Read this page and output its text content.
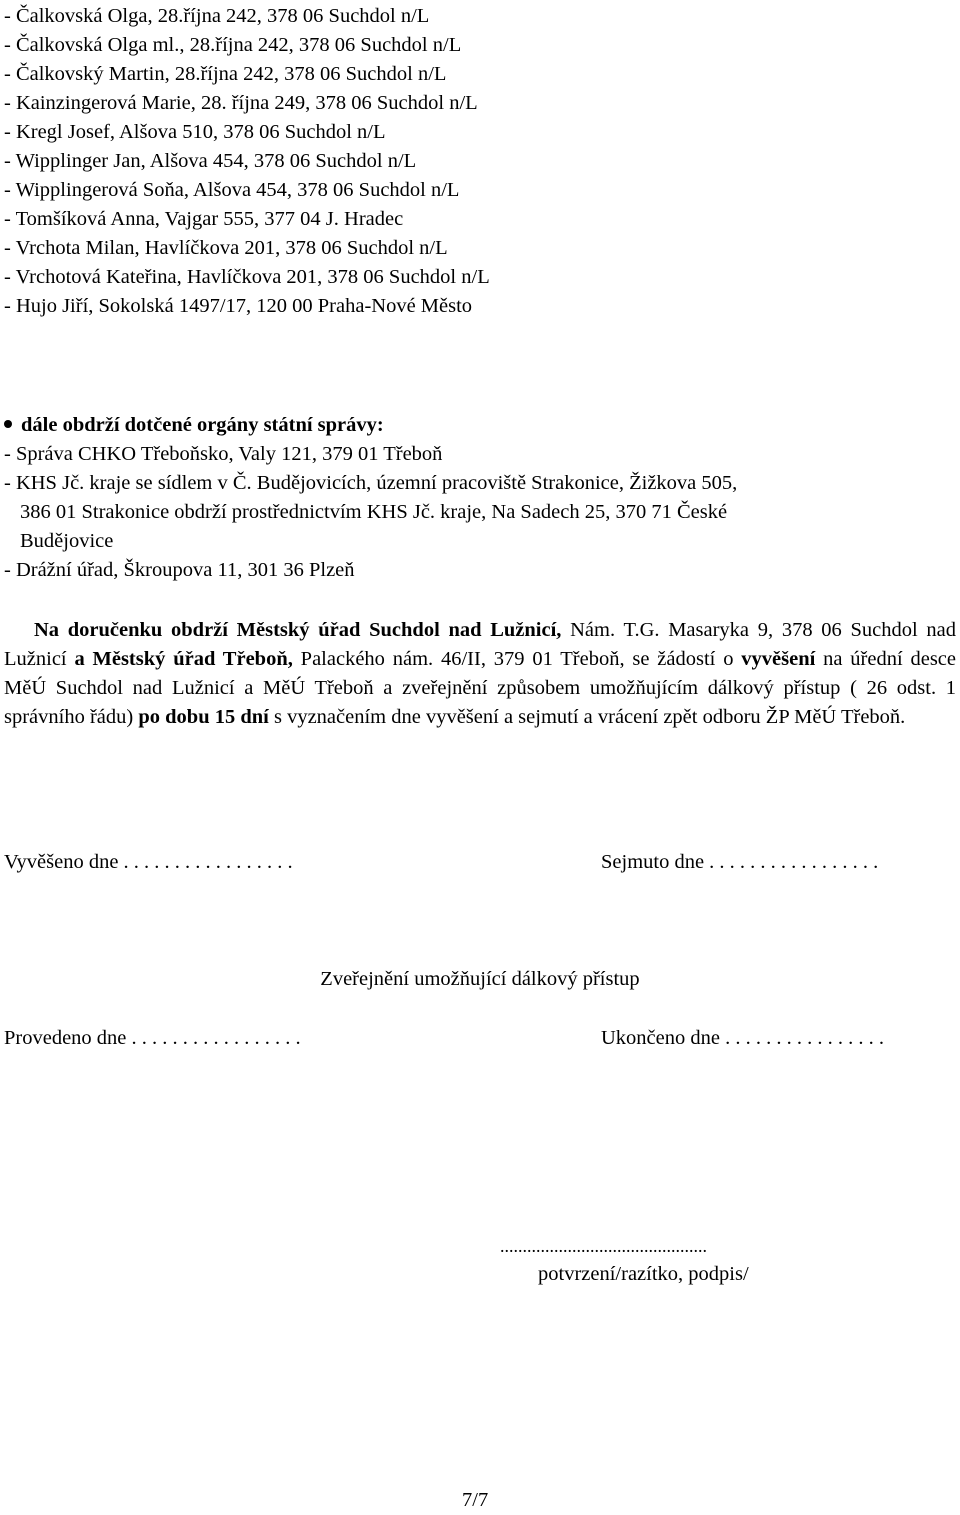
- Čalkovská Olga, 28.října 242, 378 06 Suchdol n/L
- Čalkovská Olga ml., 28.října 242, 378 06 Suchdol n/L
- Čalkovský Martin, 28.října 242, 378 06 Suchdol n/L
- Kainzingerová Marie, 28. října 249, 378 06 Suchdol n/L
- Kregl Josef, Alšova 510, 378 06 Suchdol n/L
- Wipplinger Jan, Alšova 454, 378 06 Suchdol n/L
- Wipplingerová Soňa, Alšova 454, 378 06 Suchdol n/L
- Tomšíková Anna, Vajgar 555, 377 04 J. Hradec
- Vrchota Milan, Havlíčkova 201, 378 06 Suchdol n/L
- Vrchotová Kateřina, Havlíčkova 201, 378 06 Suchdol n/L
- Hujo Jiří, Sokolská 1497/17, 120 00 Praha-Nové Město
dále obdrží dotčené orgány státní správy:
- Správa CHKO Třeboňsko, Valy 121, 379 01 Třeboň
- KHS Jč. kraje se sídlem v Č. Budějovicích, územní pracoviště Strakonice, Žižkova 505,
386 01 Strakonice obdrží prostřednictvím KHS Jč. kraje, Na Sadech 25, 370 71 České
Budějovice
- Drážní úřad, Škroupova 11, 301 36 Plzeň
Na doručenku obdrží Městský úřad Suchdol nad Lužnicí, Nám. T.G. Masaryka 9, 378 06 Suchdol nad Lužnicí a Městský úřad Třeboň, Palackého nám. 46/II, 379 01 Třeboň, se žádostí o vyvěšení na úřední desce MěÚ Suchdol nad Lužnicí a MěÚ Třeboň a zveřejnění způsobem umožňujícím dálkový přístup ( 26 odst. 1 správního řádu) po dobu 15 dní s vyznačením dne vyvěšení a sejmutí a vrácení zpět odboru ŽP MěÚ Třeboň.
Vyvěšeno dne . . . . . . . . . . . . . . . . .	Sejmuto dne . . . . . . . . . . . . . . . . .
Zveřejnění umožňující dálkový přístup
Provedeno dne . . . . . . . . . . . . . . . . .	Ukončeno dne . . . . . . . . . . . . . . . .
..............................................
potvrzení/razítko, podpis/
7/7
